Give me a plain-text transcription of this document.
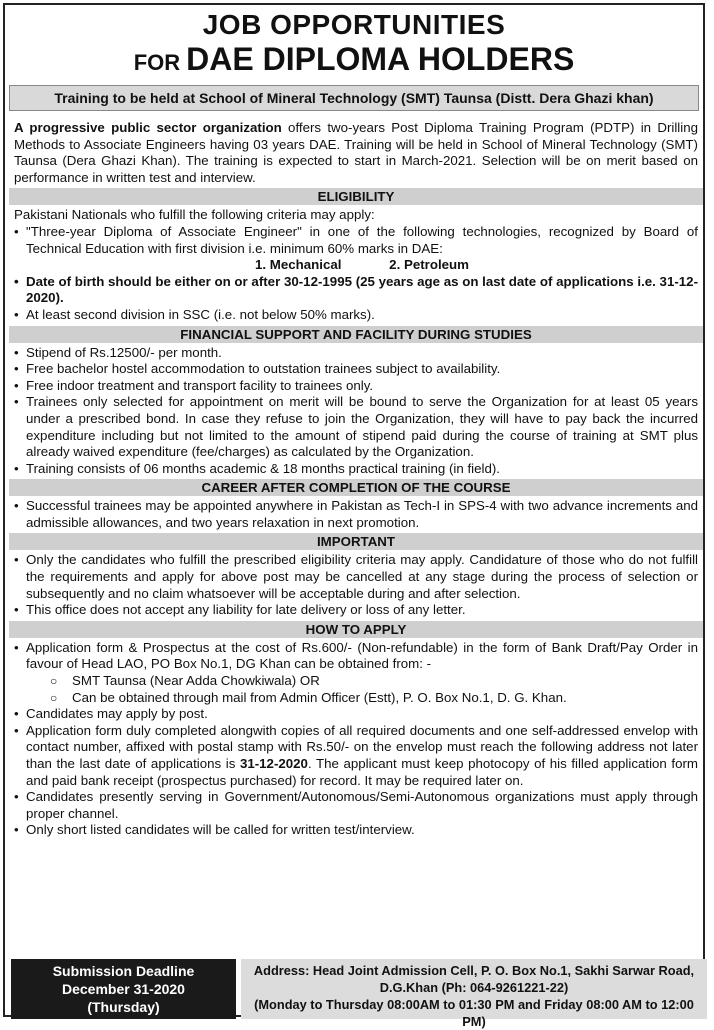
JOB OPPORTUNITIES
FOR DAE DIPLOMA HOLDERS
Training to be held at School of Mineral Technology (SMT) Taunsa (Distt. Dera Ghazi khan)

A progressive public sector organization offers two-years Post Diploma Training Program (PDTP) in Drilling Methods to Associate Engineers having 03 years DAE. Training will be held in School of Mineral Technology (SMT) Taunsa (Dera Ghazi Khan). The training is expected to start in March-2021. Selection will be on merit based on performance in written test and interview.

ELIGIBILITY

Pakistani Nationals who fulfill the following criteria may apply:

• "Three-year Diploma of Associate Engineer" in one of the following technologies, recognized by Board of Technical Education with first division i.e. minimum 60% marks in DAE:
1. Mechanical	2. Petroleum
• Date of birth should be either on or after 30-12-1995 (25 years age as on last date of applications i.e. 31-12-2020).
• At least second division in SSC (i.e. not below 50% marks).
FINANCIAL SUPPORT AND FACILITY DURING STUDIES
• Stipend of Rs.12500/- per month.
• Free bachelor hostel accommodation to outstation trainees subject to availability.
• Free indoor treatment and transport facility to trainees only.
• Trainees only selected for appointment on merit will be bound to serve the Organization for at least 05 years under a prescribed bond. In case they refuse to join the Organization, they will have to pay back the incurred expenditure including but not limited to the amount of stipend paid during the course of training at SMT plus already waived expenditure (fee/charges) as calculated by the Organization.
• Training consists of 06 months academic & 18 months practical training (in field).
CAREER AFTER COMPLETION OF THE COURSE
• Successful trainees may be appointed anywhere in Pakistan as Tech-I in SPS-4 with two advance increments and admissible allowances, and two years relaxation in next promotion.
IMPORTANT
• Only the candidates who fulfill the prescribed eligibility criteria may apply. Candidature of those who do not fulfill the requirements and apply for above post may be cancelled at any stage during the process of selection or subsequently and no claim whatsoever will be acceptable during and after selection.
• This office does not accept any liability for late delivery or loss of any letter.
HOW TO APPLY
• Application form & Prospectus at the cost of Rs.600/- (Non-refundable) in the form of Bank Draft/Pay Order in favour of Head LAO, PO Box No.1, DG Khan can be obtained from: -
○ SMT Taunsa (Near Adda Chowkiwala) OR
○ Can be obtained through mail from Admin Officer (Estt), P. O. Box No.1, D. G. Khan.
• Candidates may apply by post.
• Application form duly completed alongwith copies of all required documents and one self-addressed envelop with contact number, affixed with postal stamp with Rs.50/- on the envelop must reach the following address not later than the last date of applications is 31-12-2020. The applicant must keep photocopy of his filled application form and paid bank receipt (prospectus purchased) for record. It may be required later on.
• Candidates presently serving in Government/Autonomous/Semi-Autonomous organizations must apply through proper channel.
• Only short listed candidates will be called for written test/interview.
Submission Deadline
December 31-2020
(Thursday)
Address: Head Joint Admission Cell, P. O. Box No.1, Sakhi Sarwar Road,
D.G.Khan (Ph: 064-9261221-22)
(Monday to Thursday 08:00AM to 01:30 PM and Friday 08:00 AM to 12:00 PM)
